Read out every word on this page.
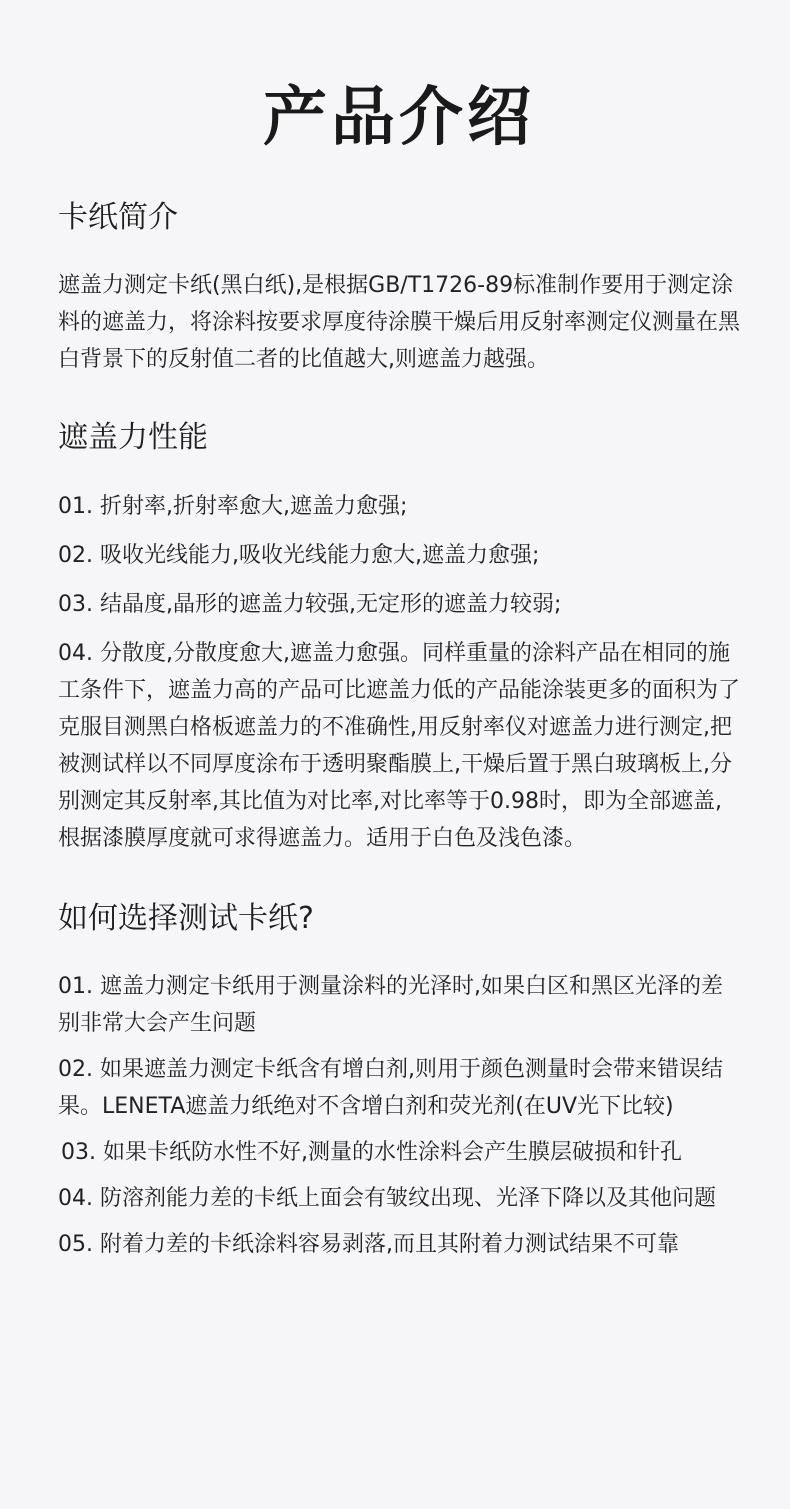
产品介绍
卡纸简介

遮盖力测定卡纸(黑白纸),是根据GB/T1726-89标准制作要用于测定涂料的遮盖力，将涂料按要求厚度待涂膜干燥后用反射率测定仪测量在黑白背景下的反射值二者的比值越大,则遮盖力越强。

遮盖力性能
01. 折射率,折射率愈大,遮盖力愈强;
02. 吸收光线能力,吸收光线能力愈大,遮盖力愈强;
03. 结晶度,晶形的遮盖力较强,无定形的遮盖力较弱;
04. 分散度,分散度愈大,遮盖力愈强。同样重量的涂料产品在相同的施工条件下，遮盖力高的产品可比遮盖力低的产品能涂装更多的面积为了克服目测黑白格板遮盖力的不准确性,用反射率仪对遮盖力进行测定,把被测试样以不同厚度涂布于透明聚酯膜上,干燥后置于黑白玻璃板上,分别测定其反射率,其比值为对比率,对比率等于0.98时，即为全部遮盖,根据漆膜厚度就可求得遮盖力。适用于白色及浅色漆。
如何选择测试卡纸?
01. 遮盖力测定卡纸用于测量涂料的光泽时,如果白区和黑区光泽的差别非常大会产生问题
02. 如果遮盖力测定卡纸含有增白剂,则用于颜色测量时会带来错误结果。LENETA遮盖力纸绝对不含增白剂和荧光剂(在UV光下比较)
03. 如果卡纸防水性不好,测量的水性涂料会产生膜层破损和针孔
04. 防溶剂能力差的卡纸上面会有皱纹出现、光泽下降以及其他问题
05. 附着力差的卡纸涂料容易剥落,而且其附着力测试结果不可靠
